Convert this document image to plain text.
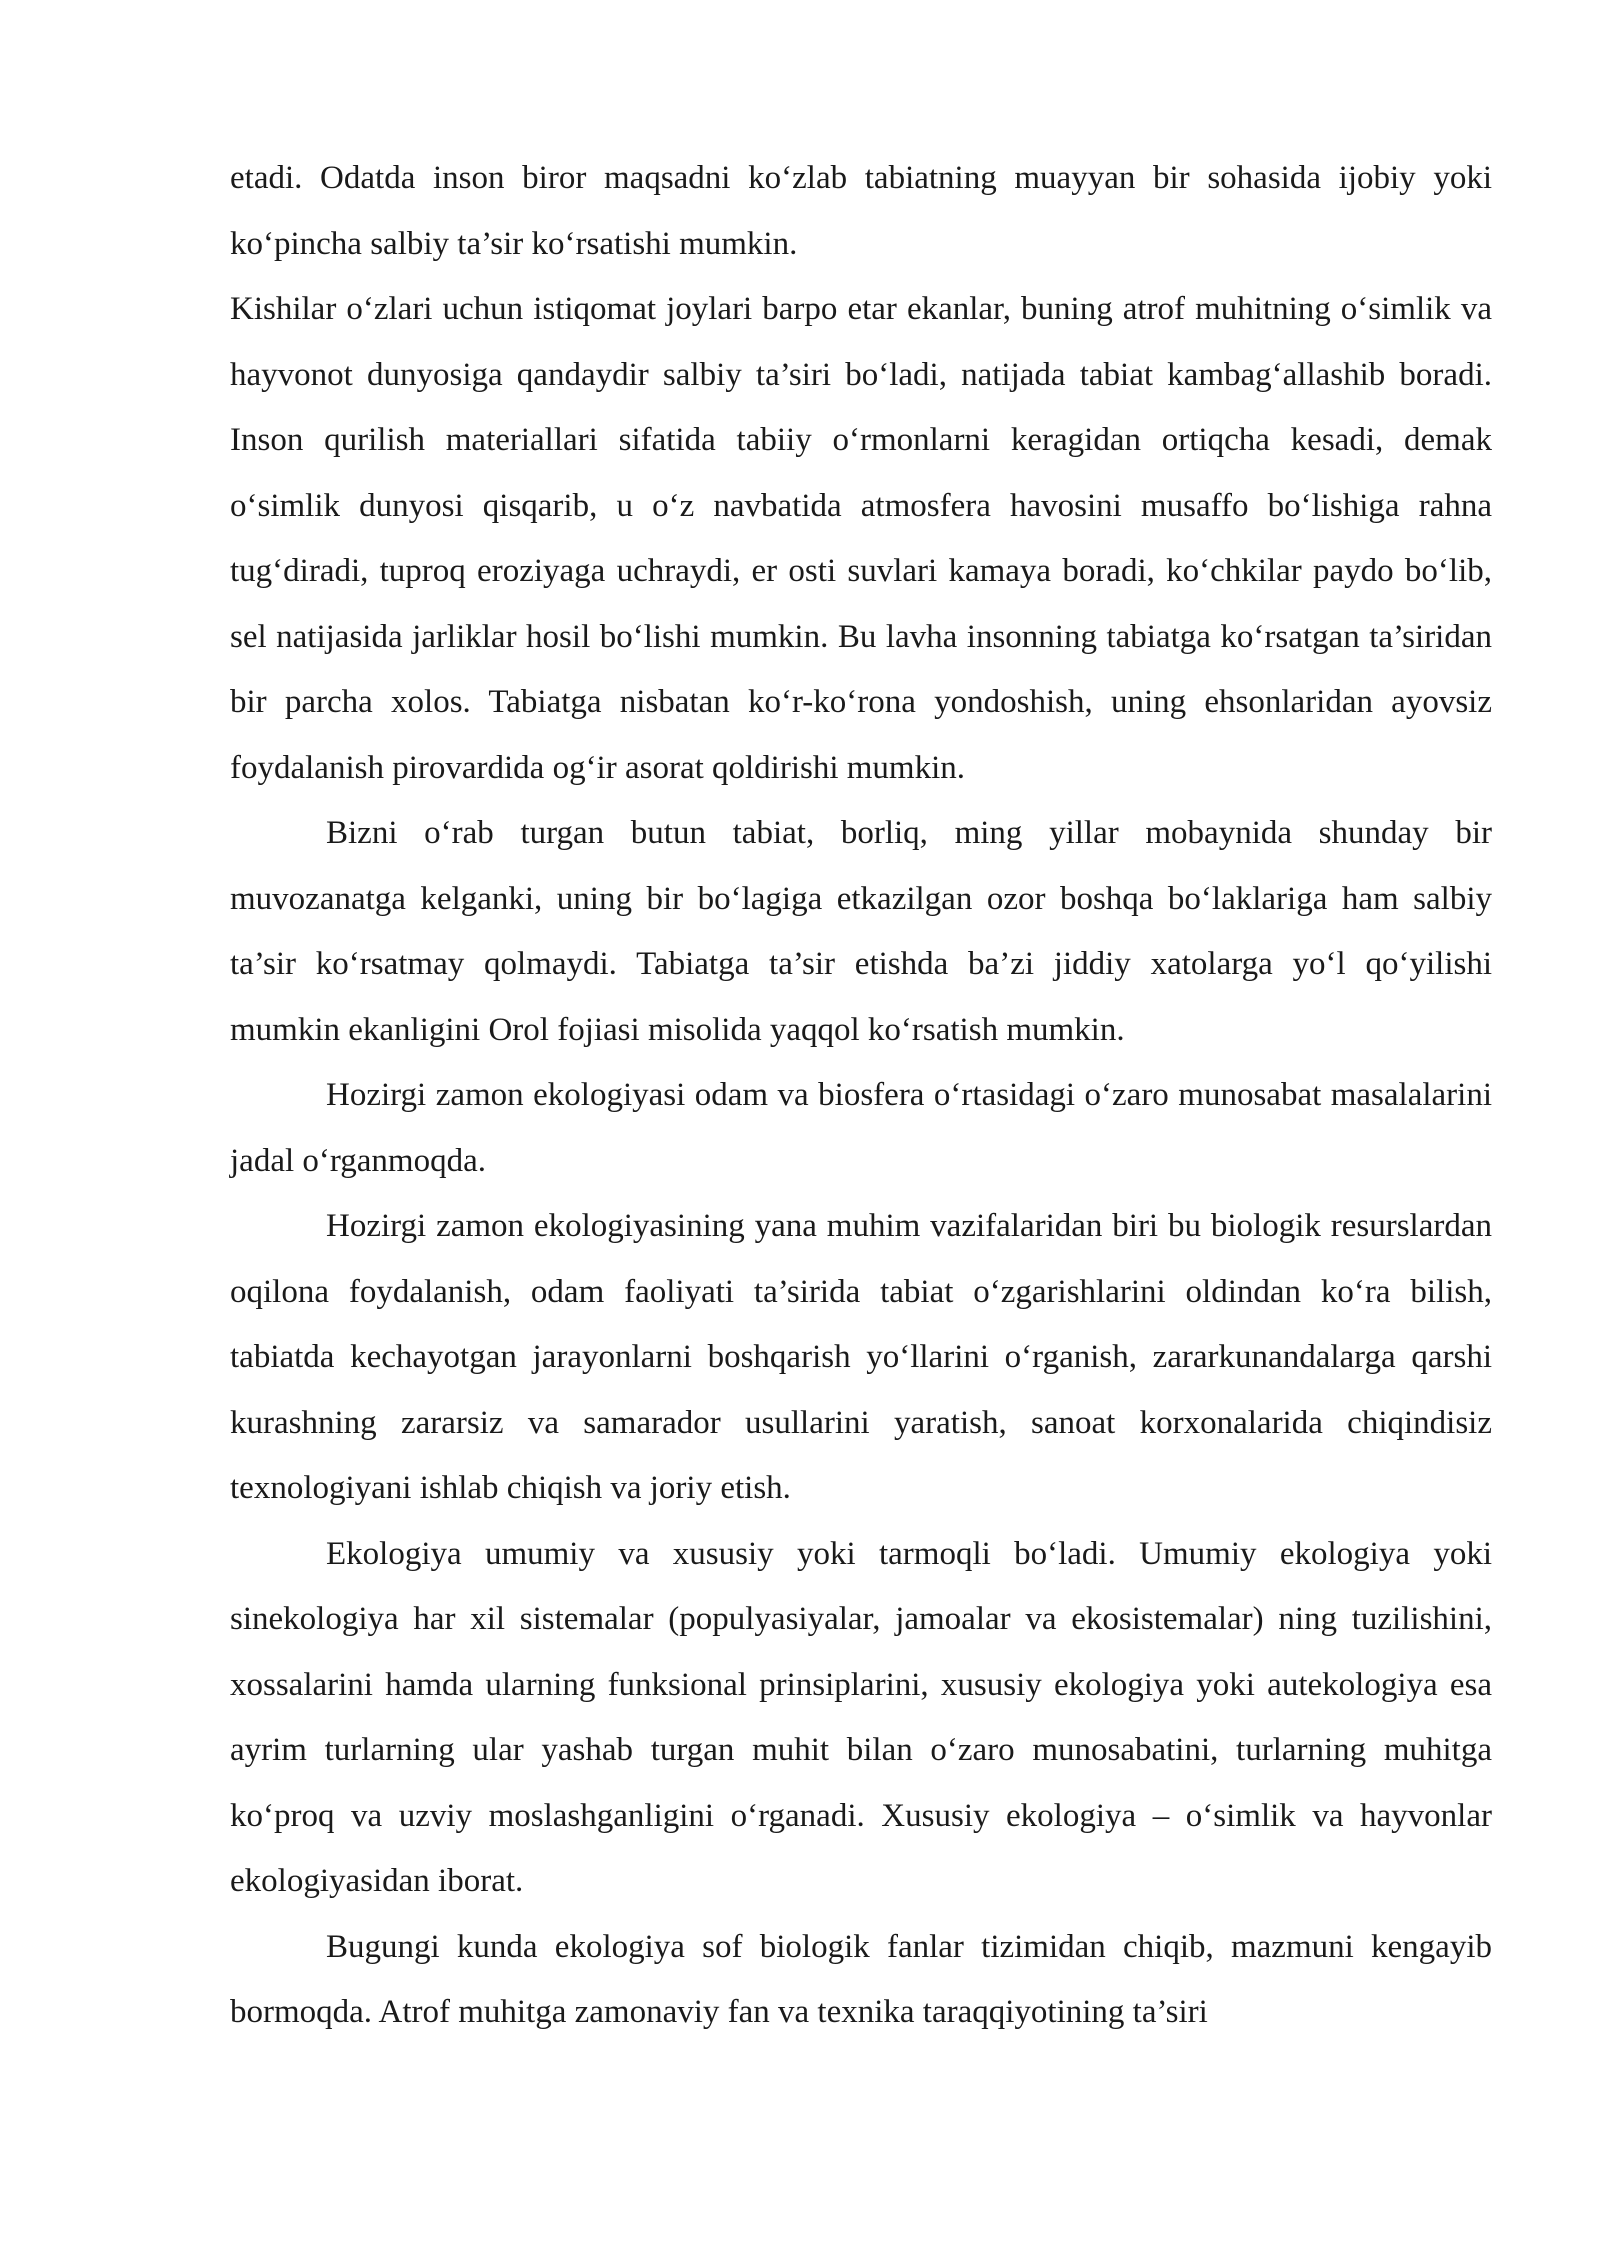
etadi. Odatda inson biror maqsadni ko‘zlab tabiatning muayyan bir sohasida ijobiy yoki ko‘pincha salbiy ta’sir ko‘rsatishi mumkin.

Kishilar o‘zlari uchun istiqomat joylari barpo etar ekanlar, buning atrof muhitning o‘simlik va hayvonot dunyosiga qandaydir salbiy ta’siri bo‘ladi, natijada tabiat kambag‘allashib boradi. Inson qurilish materiallari sifatida tabiiy o‘rmonlarni keragidan ortiqcha kesadi, demak o‘simlik dunyosi qisqarib, u o‘z navbatida atmosfera havosini musaffo bo‘lishiga rahna tug‘diradi, tuproq eroziyaga uchraydi, er osti suvlari kamaya boradi, ko‘chkilar paydo bo‘lib, sel natijasida jarliklar hosil bo‘lishi mumkin. Bu lavha insonning tabiatga ko‘rsatgan ta’siridan bir parcha xolos. Tabiatga nisbatan ko‘r-ko‘rona yondoshish, uning ehsonlaridan ayovsiz foydalanish pirovardida og‘ir asorat qoldirishi mumkin.

Bizni o‘rab turgan butun tabiat, borliq, ming yillar mobaynida shunday bir muvozanatga kelganki, uning bir bo‘lagiga etkazilgan ozor boshqa bo‘laklariga ham salbiy ta’sir ko‘rsatmay qolmaydi. Tabiatga ta’sir etishda ba’zi jiddiy xatolarga yo‘l qo‘yilishi mumkin ekanligini Orol fojiasi misolida yaqqol ko‘rsatish mumkin.

Hozirgi zamon ekologiyasi odam va biosfera o‘rtasidagi o‘zaro munosabat masalalarini jadal o‘rganmoqda.

Hozirgi zamon ekologiyasining yana muhim vazifalaridan biri bu biologik resurslardan oqilona foydalanish, odam faoliyati ta’sirida tabiat o‘zgarishlarini oldindan ko‘ra bilish, tabiatda kechayotgan jarayonlarni boshqarish yo‘llarini o‘rganish, zararkunandalarga qarshi kurashning zararsiz va samarador usullarini yaratish, sanoat korxonalarida chiqindisiz texnologiyani ishlab chiqish va joriy etish.

Ekologiya umumiy va xususiy yoki tarmoqli bo‘ladi. Umumiy ekologiya yoki sinekologiya har xil sistemalar (populyasiyalar, jamoalar va ekosistemalar) ning tuzilishini, xossalarini hamda ularning funksional prinsiplarini, xususiy ekologiya yoki autekologiya esa ayrim turlarning ular yashab turgan muhit bilan o‘zaro munosabatini, turlarning muhitga ko‘proq va uzviy moslashganligini o‘rganadi. Xususiy ekologiya – o‘simlik va hayvonlar ekologiyasidan iborat.

Bugungi kunda ekologiya sof biologik fanlar tizimidan chiqib, mazmuni kengayib bormoqda. Atrof muhitga zamonaviy fan va texnika taraqqiyotining ta’siri
